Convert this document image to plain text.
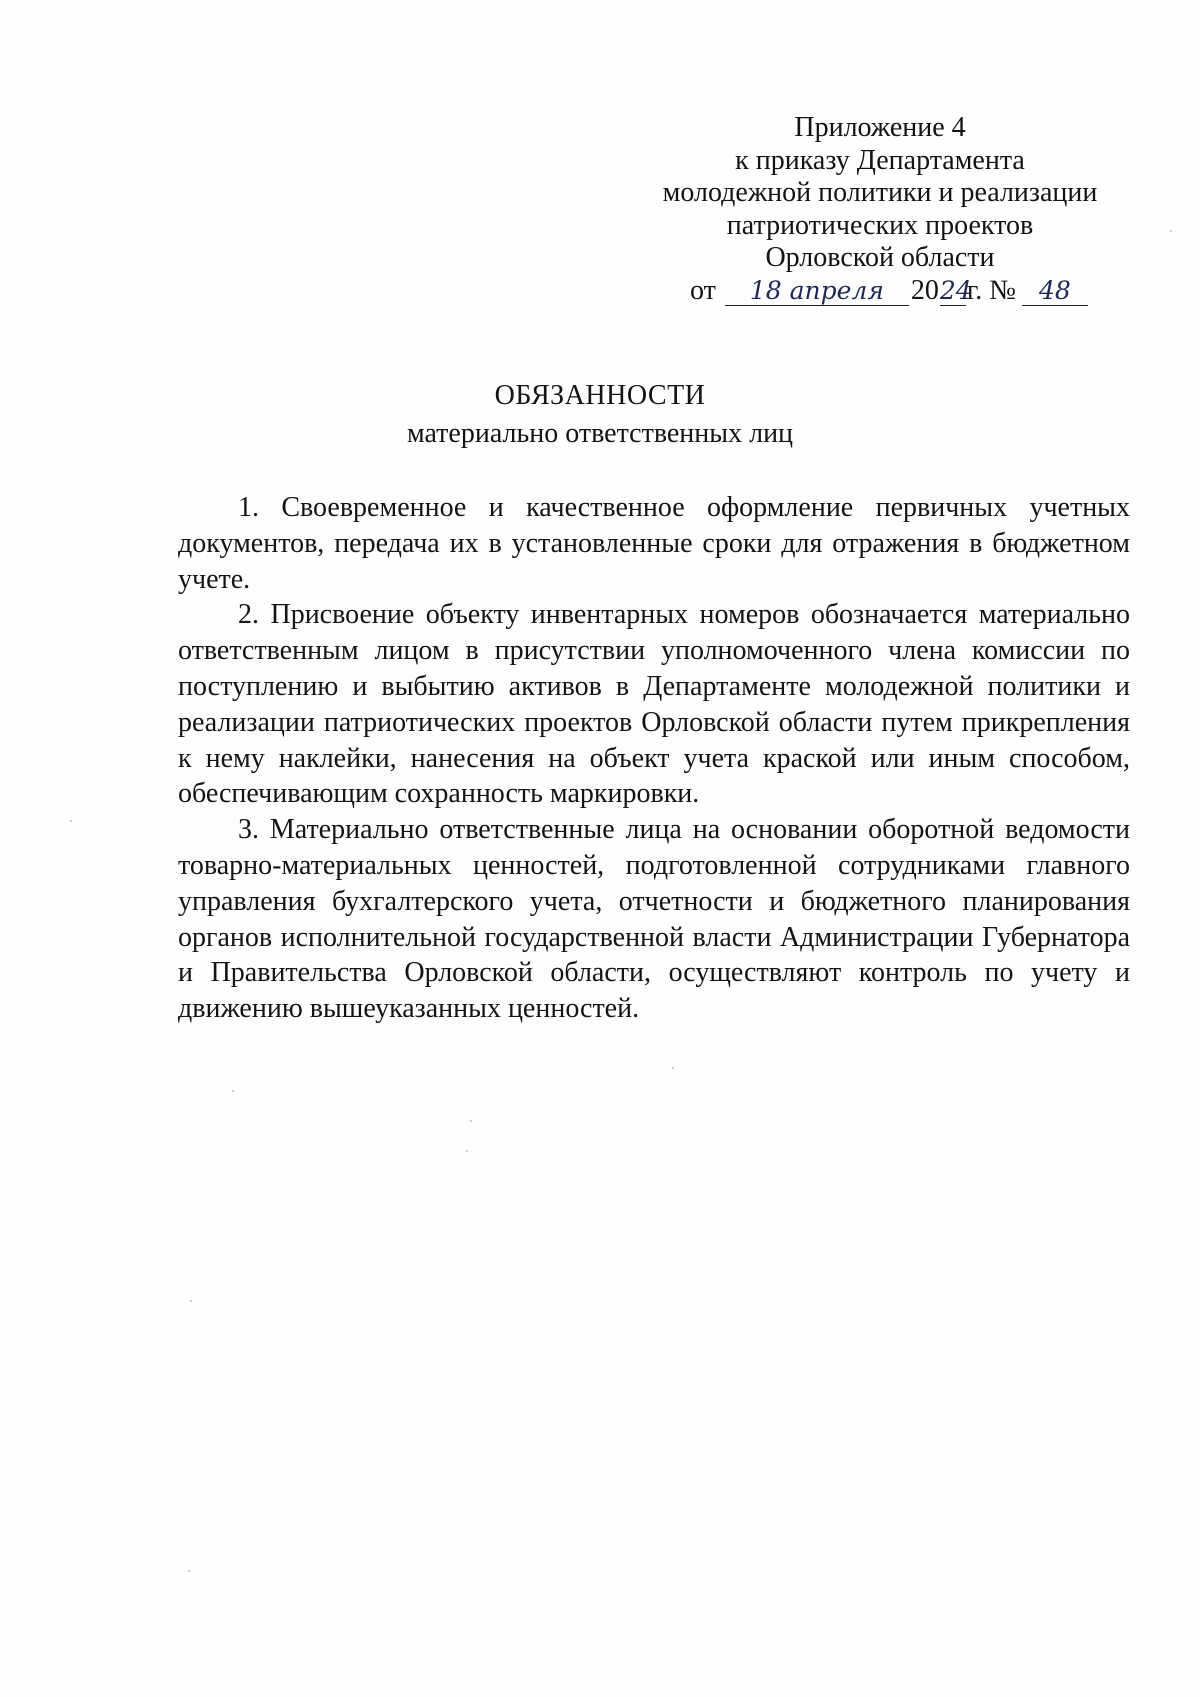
Приложение 4
к приказу Департамента
молодежной политики и реализации
патриотических проектов
Орловской области
от 18 апреля 2024г. № 48
ОБЯЗАННОСТИ
материально ответственных лиц

1. Своевременное и качественное оформление первичных учетных документов, передача их в установленные сроки для отражения в бюджетном учете.

2. Присвоение объекту инвентарных номеров обозначается материально ответственным лицом в присутствии уполномоченного члена комиссии по поступлению и выбытию активов в Департаменте молодежной политики и реализации патриотических проектов Орловской области путем прикрепления к нему наклейки, нанесения на объект учета краской или иным способом, обеспечивающим сохранность маркировки.

3. Материально ответственные лица на основании оборотной ведомости товарно-материальных ценностей, подготовленной сотрудниками главного управления бухгалтерского учета, отчетности и бюджетного планирования органов исполнительной государственной власти Администрации Губернатора и Правительства Орловской области, осуществляют контроль по учету и движению вышеуказанных ценностей.
